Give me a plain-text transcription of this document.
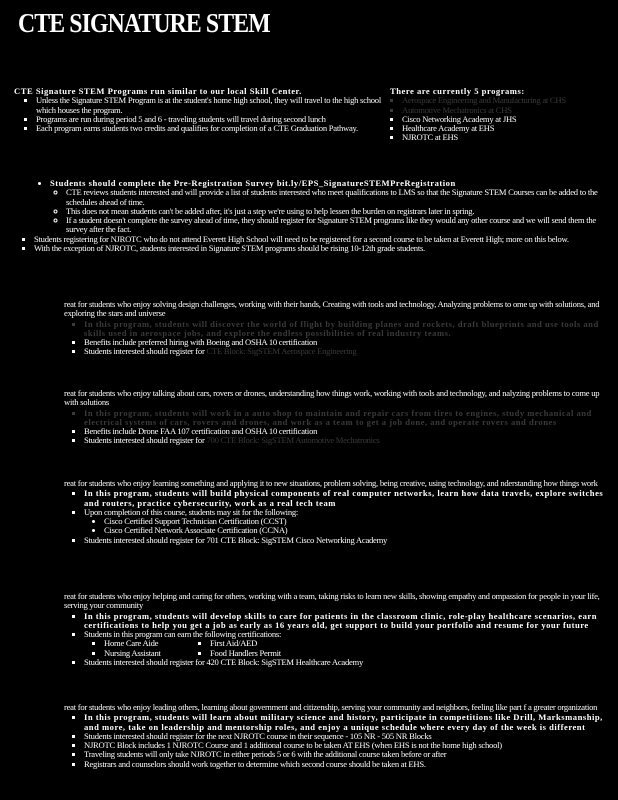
CTE SIGNATURE STEM
CTE Signature STEM Programs run similar to our local Skill Center.
▪ Unless the Signature STEM Program is at the student's home high school, they will travel to the high school which houses the program.
▪ Programs are run during period 5 and 6 - traveling students will travel during second lunch
▪ Each program earns students two credits and qualifies for completion of a CTE Graduation Pathway.
There are currently 5 programs:
▪ Aerospace Engineering and Manufacturing at CHS
▪ Automotive Mechatronics at CHS
▪ Cisco Networking Academy at JHS
▪ Healthcare Academy at EHS
▪ NJROTC at EHS
• Students should complete the Pre-Registration Survey bit.ly/EPS_SignatureSTEMPreRegistration
◦ CTE reviews students interested and will provide a list of students interested who meet qualifications to LMS so that the Signature STEM Courses can be added to the schedules ahead of time.
◦ This does not mean students can't be added after, it's just a step we're using to help lessen the burden on registrars later in spring.
◦ If a student doesn't complete the survey ahead of time, they should register for Signature STEM programs like they would any other course and we will send them the survey after the fact.
▪ Students registering for NJROTC who do not attend Everett High School will need to be registered for a second course to be taken at Everett High; more on this below.
▪ With the exception of NJROTC, students interested in Signature STEM programs should be rising 10-12th grade students.

reat for students who enjoy solving design challenges, working with their hands, Creating with tools and technology, Analyzing problems to ome up with solutions, and exploring the stars and universe

▪ In this program, students will discover the world of flight by building planes and rockets, draft blueprints and use tools and skills used in aerospace jobs, and explore the endless possibilities of real industry teams.
▪ Benefits include preferred hiring with Boeing and OSHA 10 certification
▪ Students interested should register for CTE Block: SigSTEM Aerospace Engineering

reat for students who enjoy talking about cars, rovers or drones, understanding how things work, working with tools and technology, and nalyzing problems to come up with solutions

▪ In this program, students will work in a auto shop to maintain and repair cars from tires to engines, study mechanical and electrical systems of cars, rovers and drones, and work as a team to get a job done, and operate rovers and drones
▪ Benefits include Drone FAA 107 certification and OSHA 10 certification
▪ Students interested should register for 700 CTE Block: SigSTEM Automotive Mechatronics

reat for students who enjoy learning something and applying it to new situations, problem solving, being creative, using technology, and nderstanding how things work

▪ In this program, students will build physical components of real computer networks, learn how data travels, explore switches and routers, practice cybersecurity, work as a real tech team
▪ Upon completion of this course, students may sit for the following:
• Cisco Certified Support Technician Certification (CCST)
• Cisco Certified Network Associate Certification (CCNA)
▪ Students interested should register for 701 CTE Block: SigSTEM Cisco Networking Academy

reat for students who enjoy helping and caring for others, working with a team, taking risks to learn new skills, showing empathy and ompassion for people in your life, serving your community

▪ In this program, students will develop skills to care for patients in the classroom clinic, role-play healthcare scenarios, earn certifications to help you get a job as early as 16 years old, get support to build your portfolio and resume for your future
▪ Students in this program can earn the following certifications:
▪ Home Care Aide
▪ Nursing Assistant
▪ First Aid/AED
▪ Food Handlers Permit
▪ Students interested should register for 420 CTE Block: SigSTEM Healthcare Academy

reat for students who enjoy leading others, learning about government and citizenship, serving your community and neighbors, feeling like part f a greater organization

▪ In this program, students will learn about military science and history, participate in competitions like Drill, Marksmanship, and more, take on leadership and mentorship roles, and enjoy a unique schedule where every day of the week is different
▪ Students interested should register for the next NJROTC course in their sequence - 105 NR - 505 NR Blocks
▪ NJROTC Block includes 1 NJROTC Course and 1 additional course to be taken AT EHS (when EHS is not the home high school)
▪ Traveling students will only take NJROTC in either periods 5 or 6 with the additional course taken before or after
▪ Registrars and counselors should work together to determine which second course should be taken at EHS.
